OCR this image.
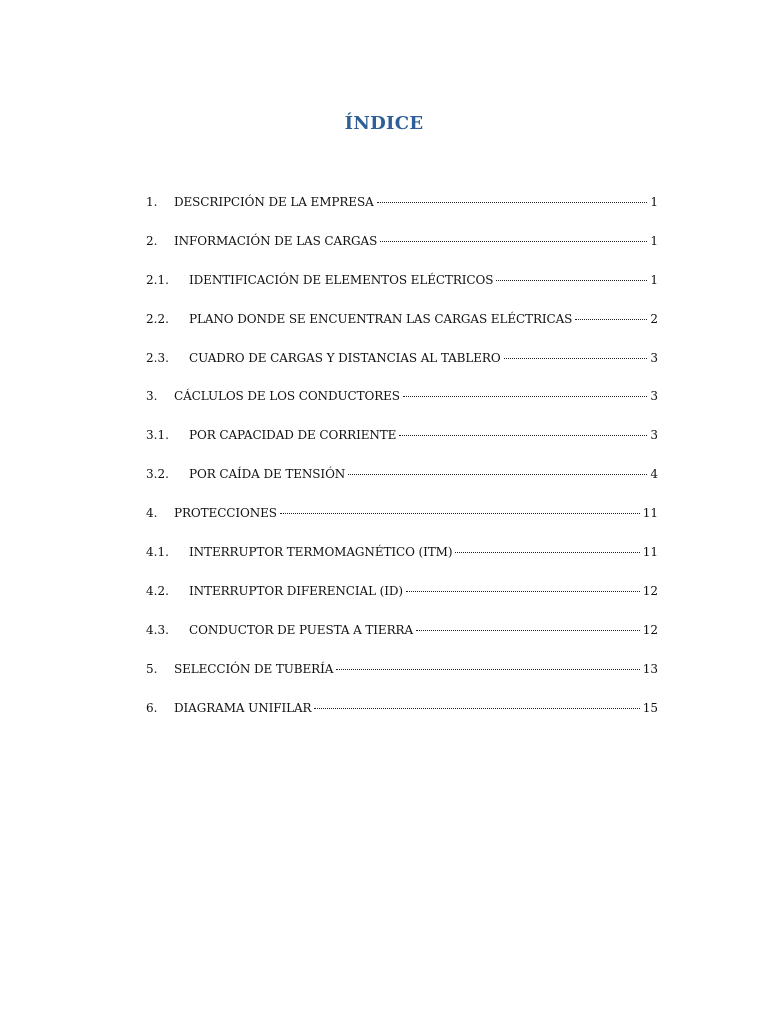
ÍNDICE
1.	DESCRIPCIÓN DE LA EMPRESA	1
2.	INFORMACIÓN DE LAS CARGAS	1
2.1.	IDENTIFICACIÓN DE ELEMENTOS ELÉCTRICOS	1
2.2.	PLANO DONDE SE ENCUENTRAN LAS CARGAS ELÉCTRICAS	2
2.3.	CUADRO DE CARGAS Y DISTANCIAS AL TABLERO	3
3.	CÁCLULOS DE LOS CONDUCTORES	3
3.1.	POR CAPACIDAD DE CORRIENTE	3
3.2.	POR CAÍDA DE TENSIÓN	4
4.	PROTECCIONES	11
4.1.	INTERRUPTOR TERMOMAGNÉTICO (ITM)	11
4.2.	INTERRUPTOR DIFERENCIAL (ID)	12
4.3.	CONDUCTOR DE PUESTA A TIERRA	12
5.	SELECCIÓN DE TUBERÍA	13
6.	DIAGRAMA UNIFILAR	15
